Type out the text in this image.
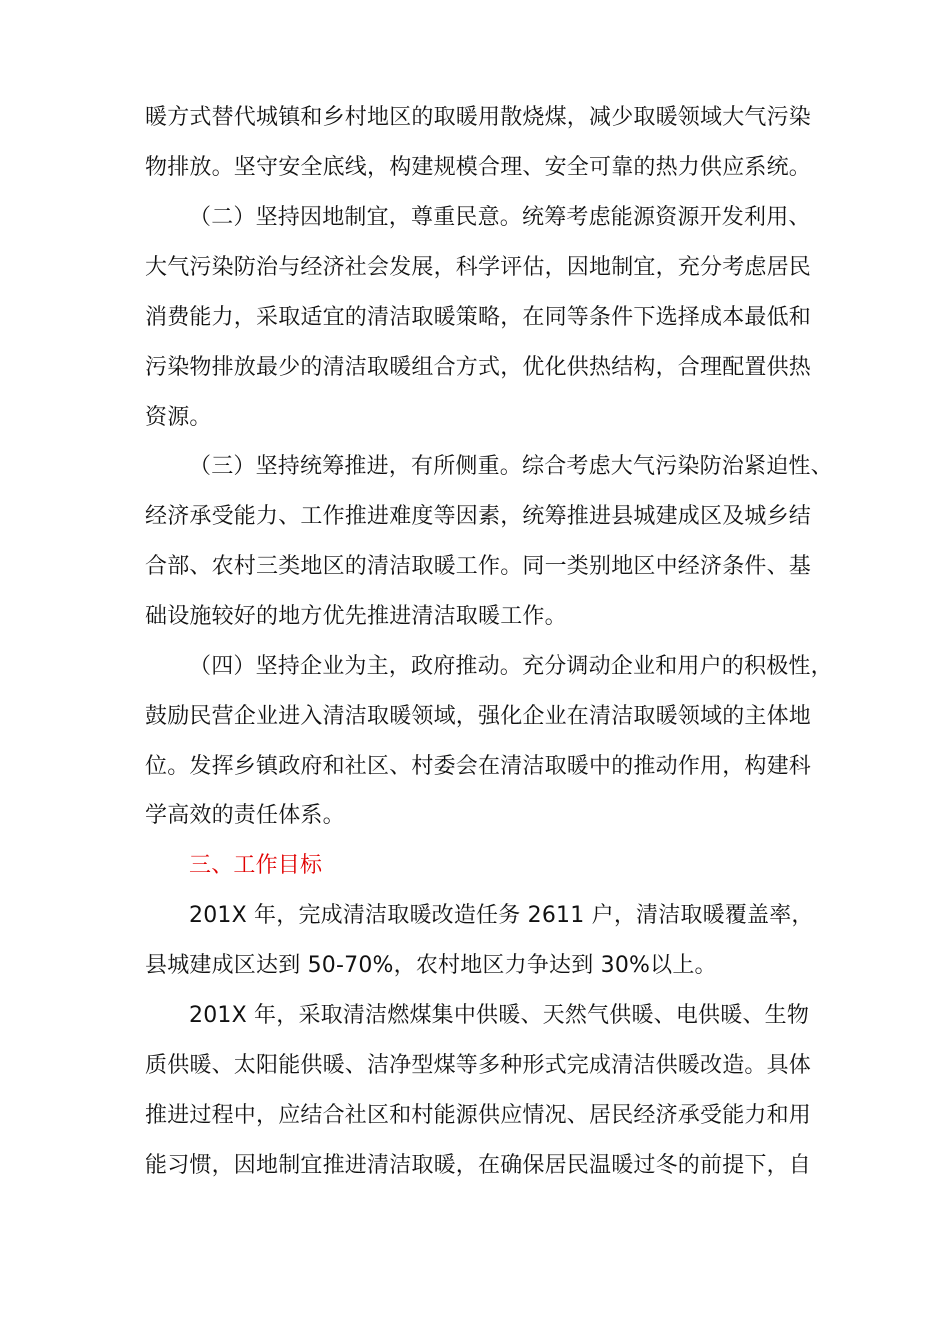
暖方式替代城镇和乡村地区的取暖用散烧煤，减少取暖领域大气污染
物排放。坚守安全底线，构建规模合理、安全可靠的热力供应系统。
（二）坚持因地制宜，尊重民意。统筹考虑能源资源开发利用、
大气污染防治与经济社会发展，科学评估，因地制宜，充分考虑居民
消费能力，采取适宜的清洁取暖策略，在同等条件下选择成本最低和
污染物排放最少的清洁取暖组合方式，优化供热结构，合理配置供热
资源。
（三）坚持统筹推进，有所侧重。综合考虑大气污染防治紧迫性、
经济承受能力、工作推进难度等因素，统筹推进县城建成区及城乡结
合部、农村三类地区的清洁取暖工作。同一类别地区中经济条件、基
础设施较好的地方优先推进清洁取暖工作。
（四）坚持企业为主，政府推动。充分调动企业和用户的积极性，
鼓励民营企业进入清洁取暖领域，强化企业在清洁取暖领域的主体地
位。发挥乡镇政府和社区、村委会在清洁取暖中的推动作用，构建科
学高效的责任体系。
三、工作目标
201X 年，完成清洁取暖改造任务 2611 户，清洁取暖覆盖率，
县城建成区达到 50-70%，农村地区力争达到 30%以上。
201X 年，采取清洁燃煤集中供暖、天然气供暖、电供暖、生物
质供暖、太阳能供暖、洁净型煤等多种形式完成清洁供暖改造。具体
推进过程中，应结合社区和村能源供应情况、居民经济承受能力和用
能习惯，因地制宜推进清洁取暖，在确保居民温暖过冬的前提下，自
